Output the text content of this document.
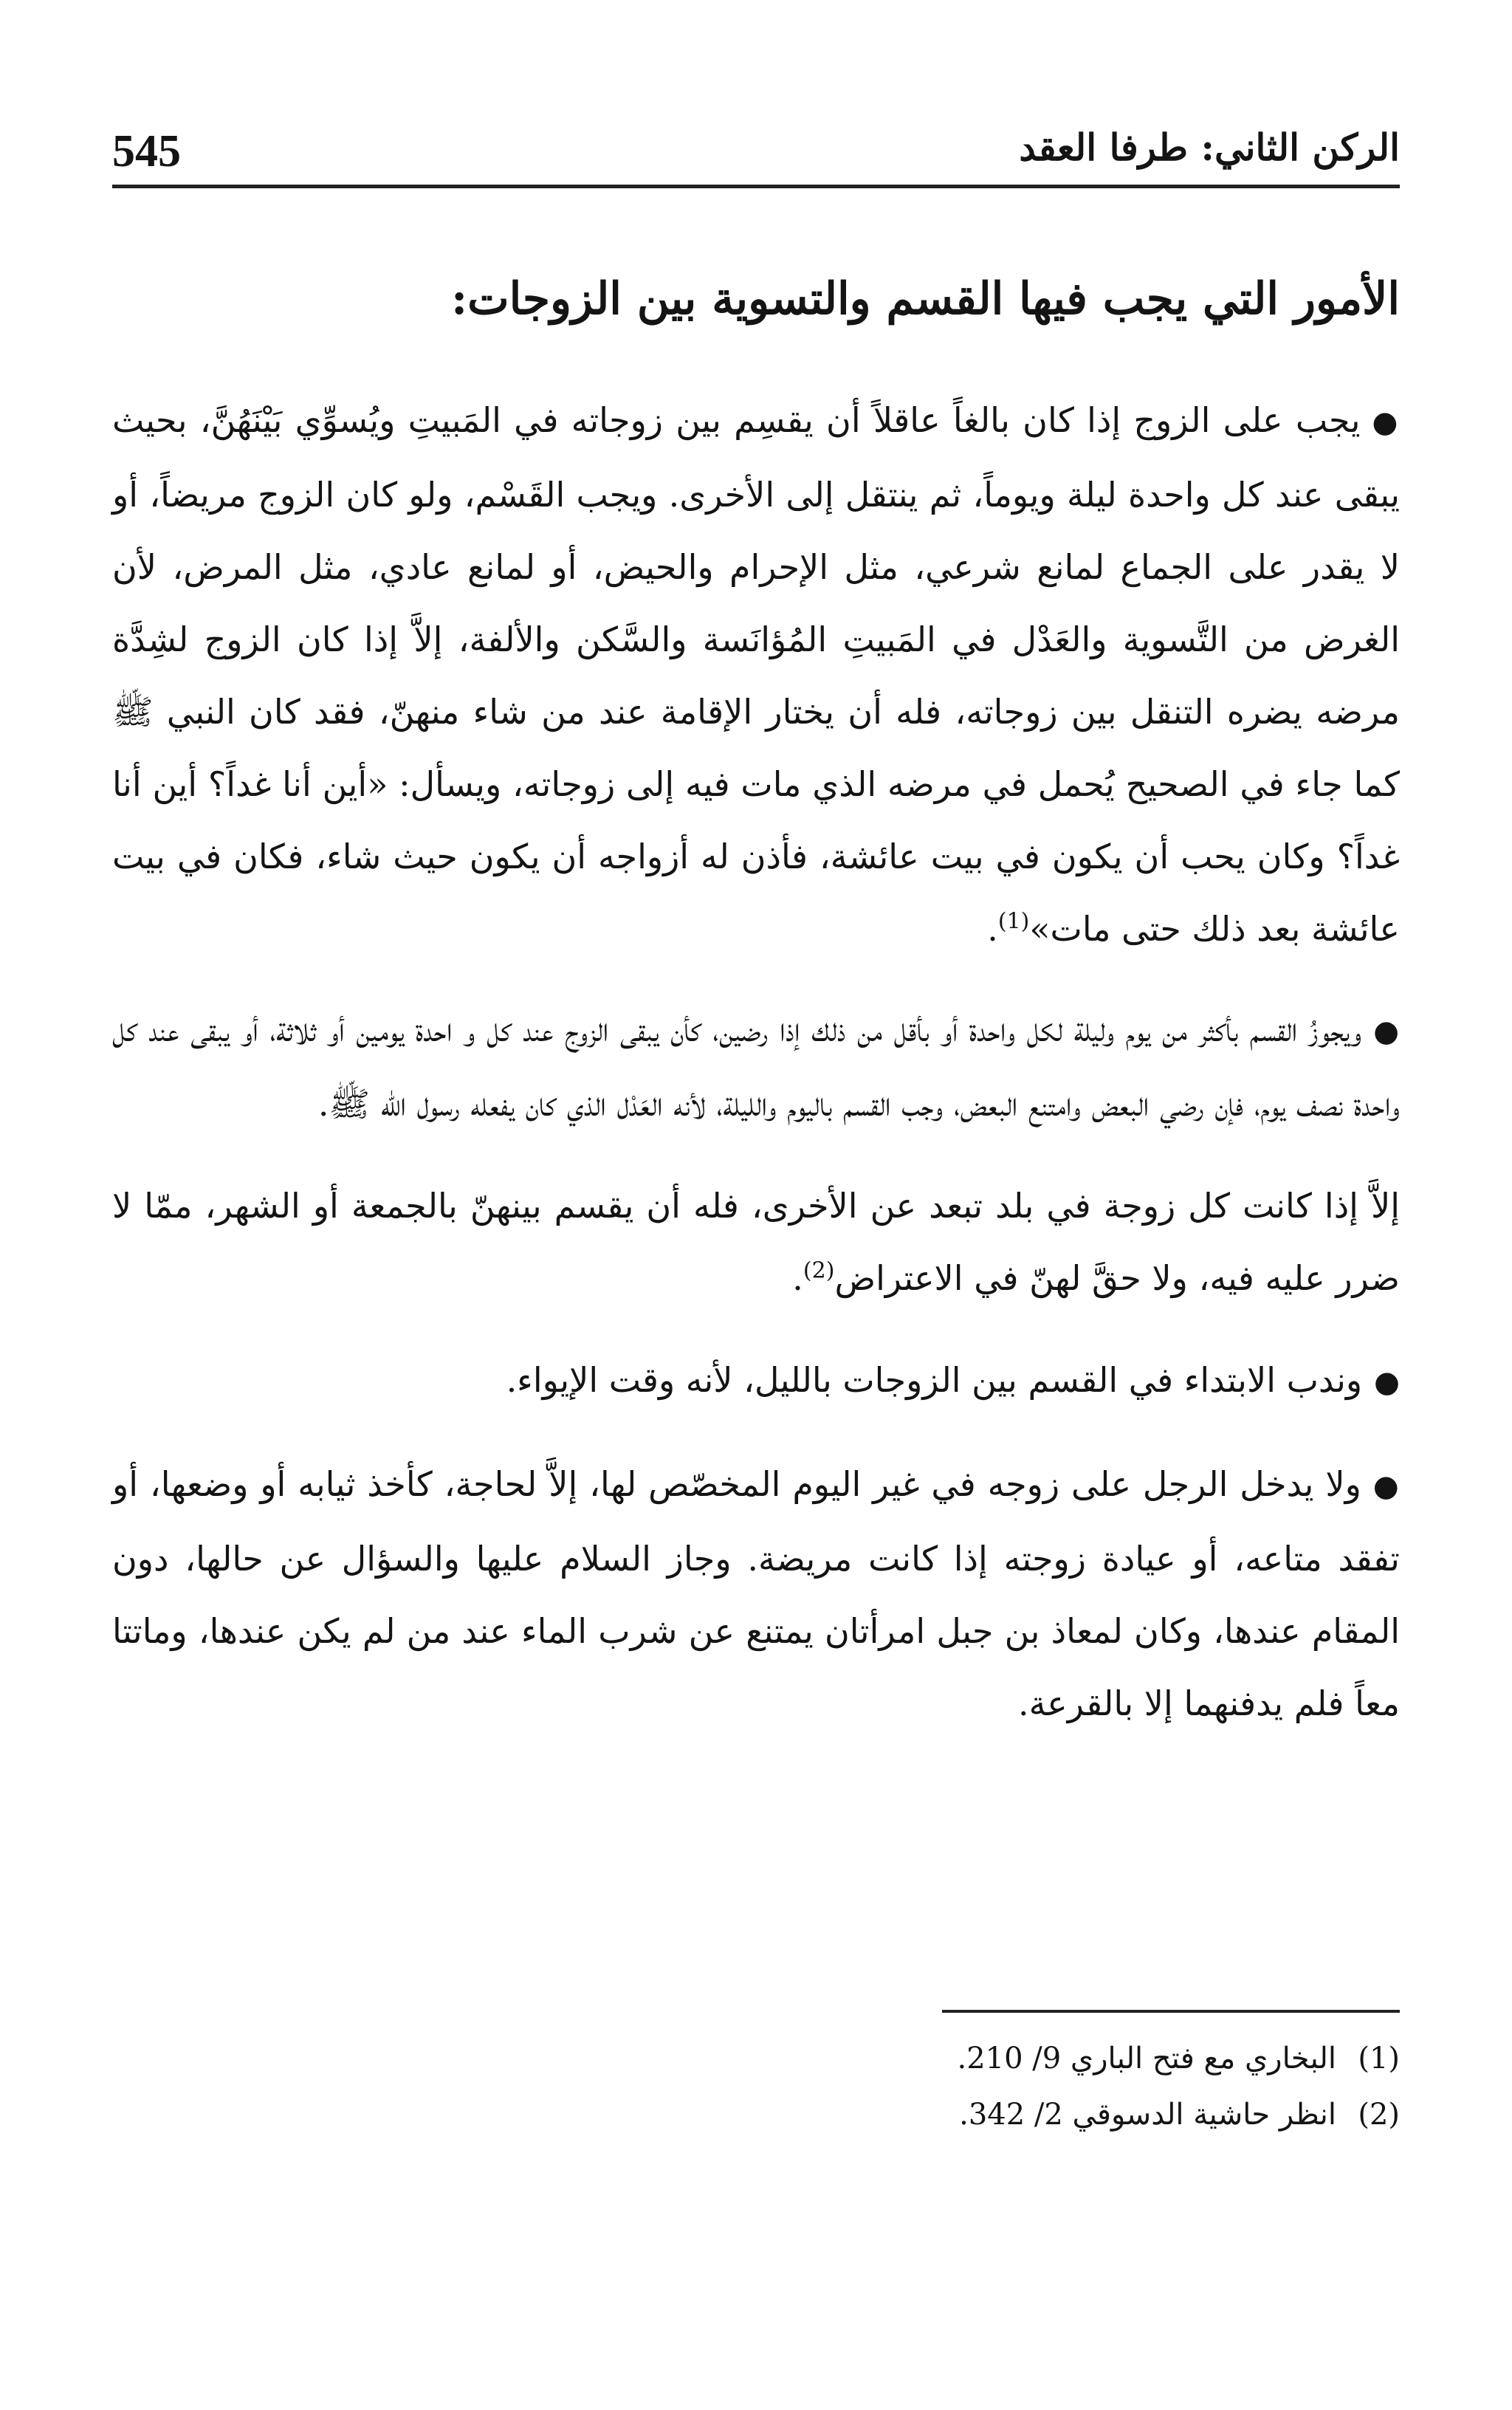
545	الركن الثاني: طرفا العقد
الأمور التي يجب فيها القسم والتسوية بين الزوجات:

●يجب على الزوج إذا كان بالغاً عاقلاً أن يقسِم بين زوجاته في المَبيتِ ويُسوِّي بَيْنَهُنَّ، بحيث يبقى عند كل واحدة ليلة ويوماً، ثم ينتقل إلى الأخرى. ويجب القَسْم، ولو كان الزوج مريضاً، أو لا يقدر على الجماع لمانع شرعي، مثل الإحرام والحيض، أو لمانع عادي، مثل المرض، لأن الغرض من التَّسوية والعَدْل في المَبيتِ المُؤانَسة والسَّكن والألفة، إلاَّ إذا كان الزوج لشِدَّة مرضه يضره التنقل بين زوجاته، فله أن يختار الإقامة عند من شاء منهنّ، فقد كان النبي ﷺ كما جاء في الصحيح يُحمل في مرضه الذي مات فيه إلى زوجاته، ويسأل: «أين أنا غداً؟ أين أنا غداً؟ وكان يحب أن يكون في بيت عائشة، فأذن له أزواجه أن يكون حيث شاء، فكان في بيت عائشة بعد ذلك حتى مات»$^{(1)}$.

●ويجوزُ القسم بأكثر من يوم وليلة لكل واحدة أو بأقل من ذلك إذا رضين، كأن يبقى الزوج عند كل و احدة يومين أو ثلاثة، أو يبقى عند كل واحدة نصف يوم، فإن رضي البعض وامتنع البعض، وجب القسم باليوم والليلة، لأنه العَدْل الذي كان يفعله رسول الله ﷺ.

إلاَّ إذا كانت كل زوجة في بلد تبعد عن الأخرى، فله أن يقسم بينهنّ بالجمعة أو الشهر، ممّا لا ضرر عليه فيه، ولا حقَّ لهنّ في الاعتراض$^{(2)}$.

●وندب الابتداء في القسم بين الزوجات بالليل، لأنه وقت الإيواء.

●ولا يدخل الرجل على زوجه في غير اليوم المخصّص لها، إلاَّ لحاجة، كأخذ ثيابه أو وضعها، أو تفقد متاعه، أو عيادة زوجته إذا كانت مريضة. وجاز السلام عليها والسؤال عن حالها، دون المقام عندها، وكان لمعاذ بن جبل امرأتان يمتنع عن شرب الماء عند من لم يكن عندها، وماتتا معاً فلم يدفنهما إلا بالقرعة.

(1)البخاري مع فتح الباري 9/ 210.
(2)انظر حاشية الدسوقي 2/ 342.
